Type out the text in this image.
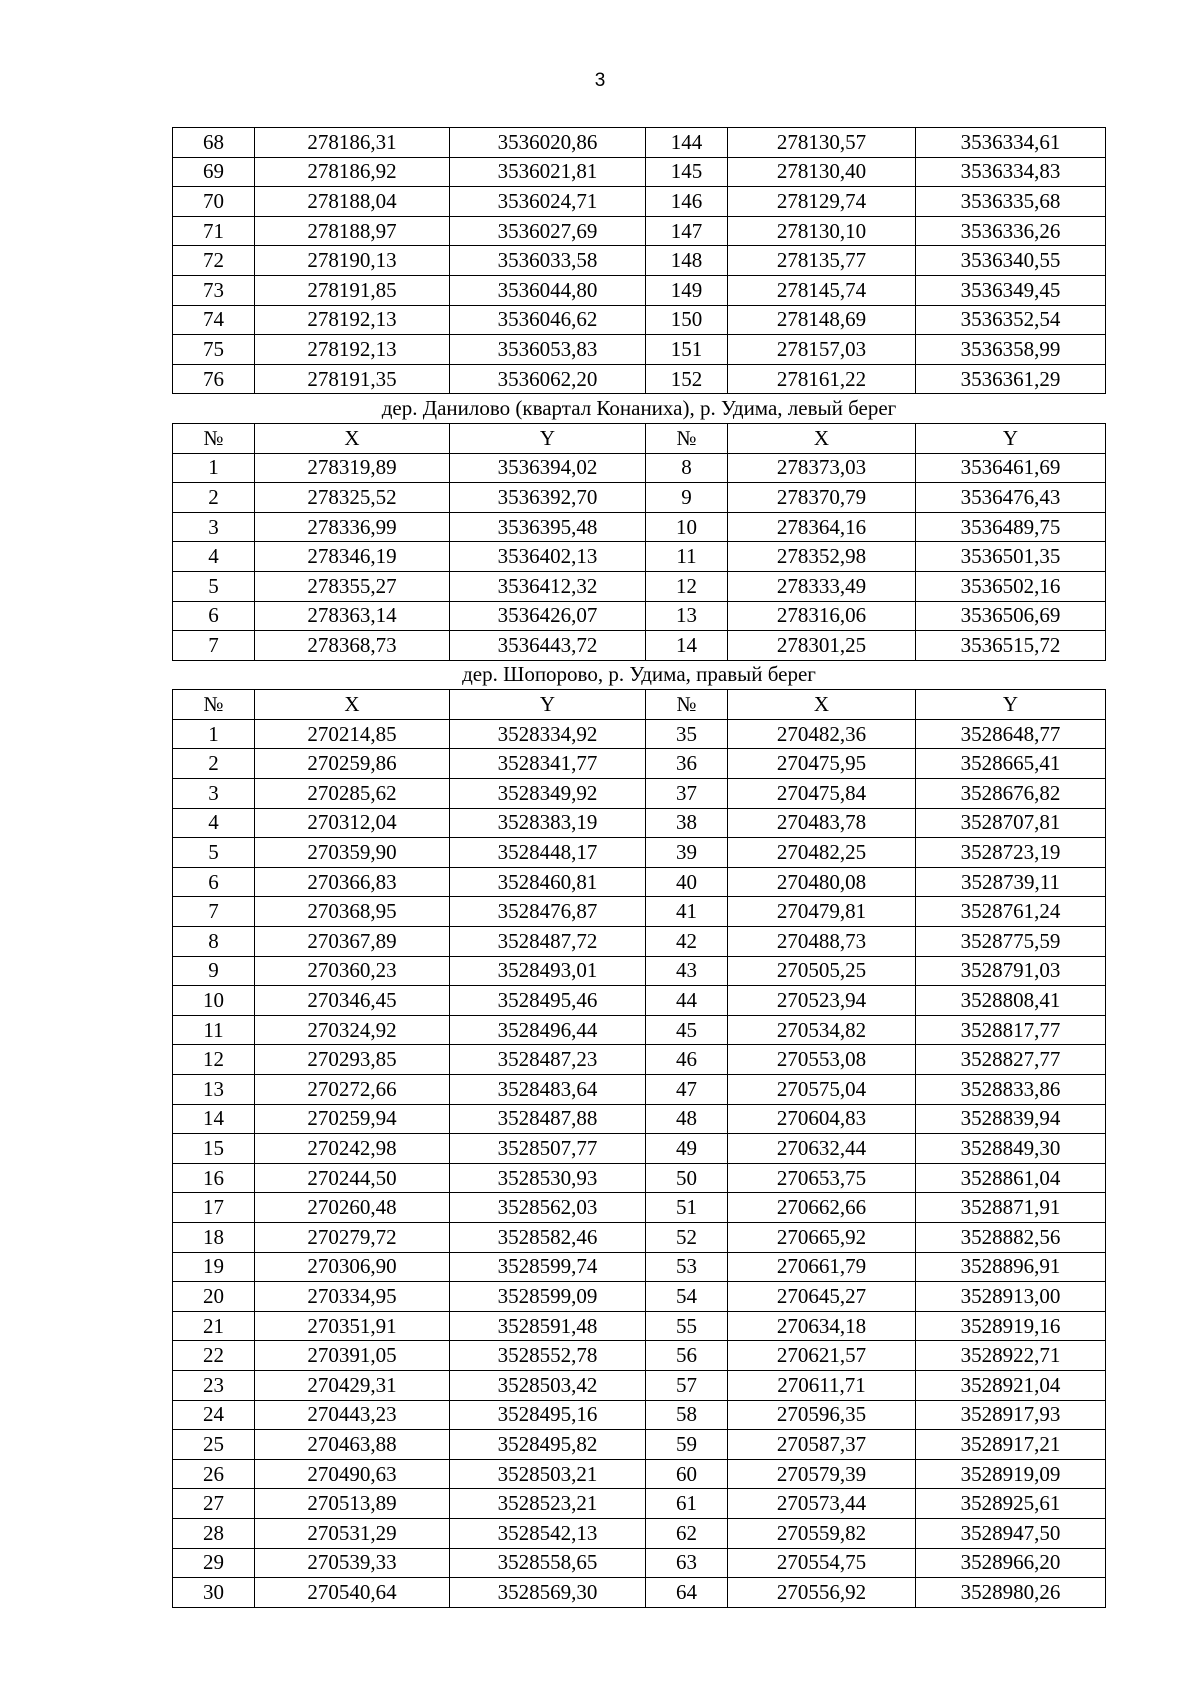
3
68	278186,31	3536020,86	144	278130,57	3536334,61
69	278186,92	3536021,81	145	278130,40	3536334,83
70	278188,04	3536024,71	146	278129,74	3536335,68
71	278188,97	3536027,69	147	278130,10	3536336,26
72	278190,13	3536033,58	148	278135,77	3536340,55
73	278191,85	3536044,80	149	278145,74	3536349,45
74	278192,13	3536046,62	150	278148,69	3536352,54
75	278192,13	3536053,83	151	278157,03	3536358,99
76	278191,35	3536062,20	152	278161,22	3536361,29
дер. Данилово (квартал Конаниха), р. Удима, левый берег					
№	X	Y	№	X	Y
1	278319,89	3536394,02	8	278373,03	3536461,69
2	278325,52	3536392,70	9	278370,79	3536476,43
3	278336,99	3536395,48	10	278364,16	3536489,75
4	278346,19	3536402,13	11	278352,98	3536501,35
5	278355,27	3536412,32	12	278333,49	3536502,16
6	278363,14	3536426,07	13	278316,06	3536506,69
7	278368,73	3536443,72	14	278301,25	3536515,72
дер. Шопорово, р. Удима, правый берег					
№	X	Y	№	X	Y
1	270214,85	3528334,92	35	270482,36	3528648,77
2	270259,86	3528341,77	36	270475,95	3528665,41
3	270285,62	3528349,92	37	270475,84	3528676,82
4	270312,04	3528383,19	38	270483,78	3528707,81
5	270359,90	3528448,17	39	270482,25	3528723,19
6	270366,83	3528460,81	40	270480,08	3528739,11
7	270368,95	3528476,87	41	270479,81	3528761,24
8	270367,89	3528487,72	42	270488,73	3528775,59
9	270360,23	3528493,01	43	270505,25	3528791,03
10	270346,45	3528495,46	44	270523,94	3528808,41
11	270324,92	3528496,44	45	270534,82	3528817,77
12	270293,85	3528487,23	46	270553,08	3528827,77
13	270272,66	3528483,64	47	270575,04	3528833,86
14	270259,94	3528487,88	48	270604,83	3528839,94
15	270242,98	3528507,77	49	270632,44	3528849,30
16	270244,50	3528530,93	50	270653,75	3528861,04
17	270260,48	3528562,03	51	270662,66	3528871,91
18	270279,72	3528582,46	52	270665,92	3528882,56
19	270306,90	3528599,74	53	270661,79	3528896,91
20	270334,95	3528599,09	54	270645,27	3528913,00
21	270351,91	3528591,48	55	270634,18	3528919,16
22	270391,05	3528552,78	56	270621,57	3528922,71
23	270429,31	3528503,42	57	270611,71	3528921,04
24	270443,23	3528495,16	58	270596,35	3528917,93
25	270463,88	3528495,82	59	270587,37	3528917,21
26	270490,63	3528503,21	60	270579,39	3528919,09
27	270513,89	3528523,21	61	270573,44	3528925,61
28	270531,29	3528542,13	62	270559,82	3528947,50
29	270539,33	3528558,65	63	270554,75	3528966,20
30	270540,64	3528569,30	64	270556,92	3528980,26
